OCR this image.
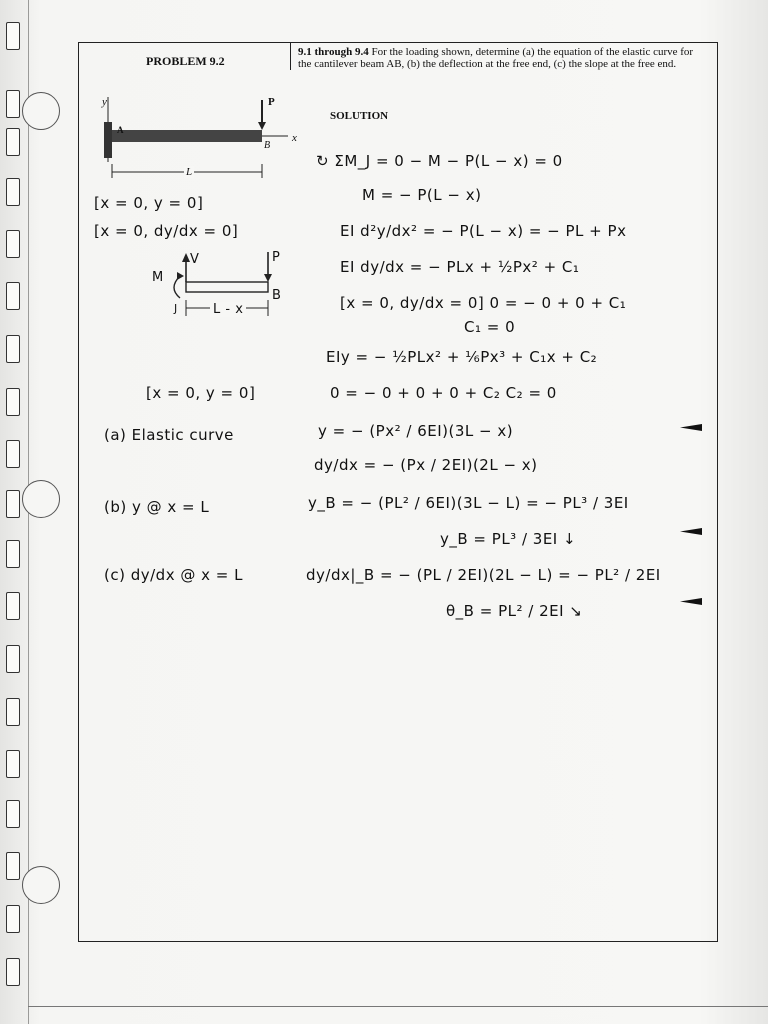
PROBLEM 9.2
9.1 through 9.4 For the loading shown, determine (a) the equation of the elastic curve for the cantilever beam AB, (b) the deflection at the free end, (c) the slope at the free end.
SOLUTION
y	P
A
B
x
L
[x = 0, y = 0]
[x = 0, dy/dx = 0]
V	P
M
J
B
L - x
[x = 0, y = 0]
(a) Elastic curve
(b) y @ x = L
(c) dy/dx @ x = L
↻ ΣM_J = 0 − M − P(L − x) = 0
M = − P(L − x)
EI d²y/dx² = − P(L − x) = − PL + Px
EI dy/dx = − PLx + ½Px² + C₁
[x = 0, dy/dx = 0] 0 = − 0 + 0 + C₁
C₁ = 0
EIy = − ½PLx² + ⅙Px³ + C₁x + C₂
0 = − 0 + 0 + 0 + C₂ C₂ = 0
y = − (Px² / 6EI)(3L − x)
dy/dx = − (Px / 2EI)(2L − x)
y_B = − (PL² / 6EI)(3L − L) = − PL³ / 3EI
y_B = PL³ / 3EI ↓
dy/dx|_B = − (PL / 2EI)(2L − L) = − PL² / 2EI
θ_B = PL² / 2EI ↘
